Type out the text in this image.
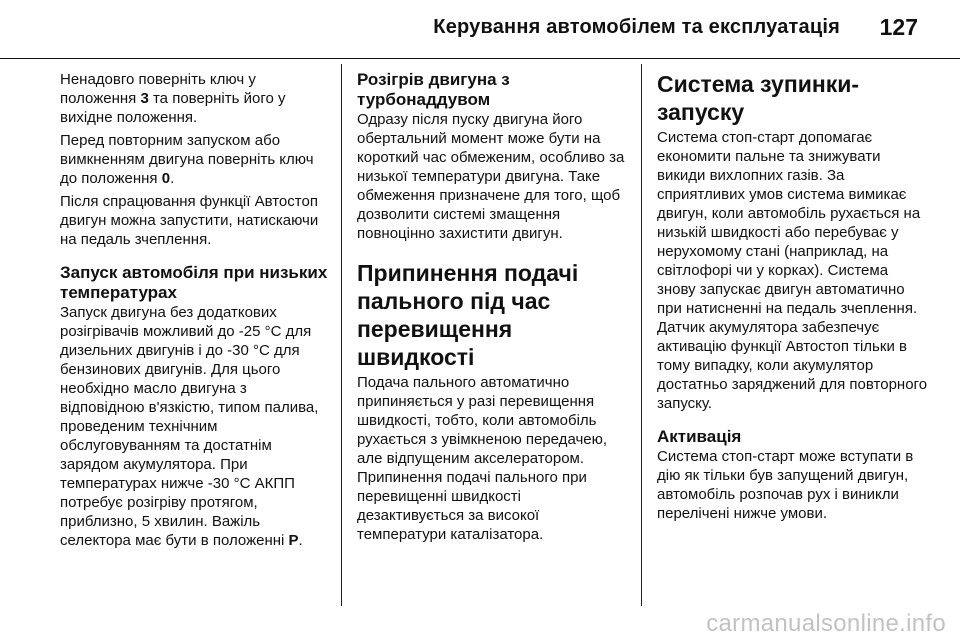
Керування автомобілем та експлуатація 127

Ненадовго поверніть ключ у положення 3 та поверніть його у вихідне положення.

Перед повторним запуском або вимкненням двигуна поверніть ключ до положення 0.

Після спрацювання функції Автостоп двигун можна запустити, натискаючи на педаль зчеплення.

Запуск автомобіля при низьких температурах

Запуск двигуна без додаткових розігрівачів можливий до -25 °C для дизельних двигунів і до -30 °C для бензинових двигунів. Для цього необхідно масло двигуна з відповідною в'язкістю, типом палива, проведеним технічним обслуговуванням та достатнім зарядом акумулятора. При температурах нижче -30 °C АКПП потребує розігріву протягом, приблизно, 5 хвилин. Важіль селектора має бути в положенні P.

Розігрів двигуна з турбонаддувом

Одразу після пуску двигуна його обертальний момент може бути на короткий час обмеженим, особливо за низької температури двигуна. Таке обмеження призначене для того, щоб дозволити системі змащення повноцінно захистити двигун.

Припинення подачі пального під час перевищення швидкості

Подача пального автоматично припиняється у разі перевищення швидкості, тобто, коли автомобіль рухається з увімкненою передачею, але відпущеним акселератором. Припинення подачі пального при перевищенні швидкості дезактивується за високої температури каталізатора.

Система зупинки-запуску

Система стоп-старт допомагає економити пальне та знижувати викиди вихлопних газів. За сприятливих умов система вимикає двигун, коли автомобіль рухається на низькій швидкості або перебуває у нерухомому стані (наприклад, на світлофорі чи у корках). Система знову запускає двигун автоматично при натисненні на педаль зчеплення. Датчик акумулятора забезпечує активацію функції Автостоп тільки в тому випадку, коли акумулятор достатньо заряджений для повторного запуску.

Активація

Система стоп-старт може вступати в дію як тільки був запущений двигун, автомобіль розпочав рух і виникли перелічені нижче умови.

carmanualsonline.info
